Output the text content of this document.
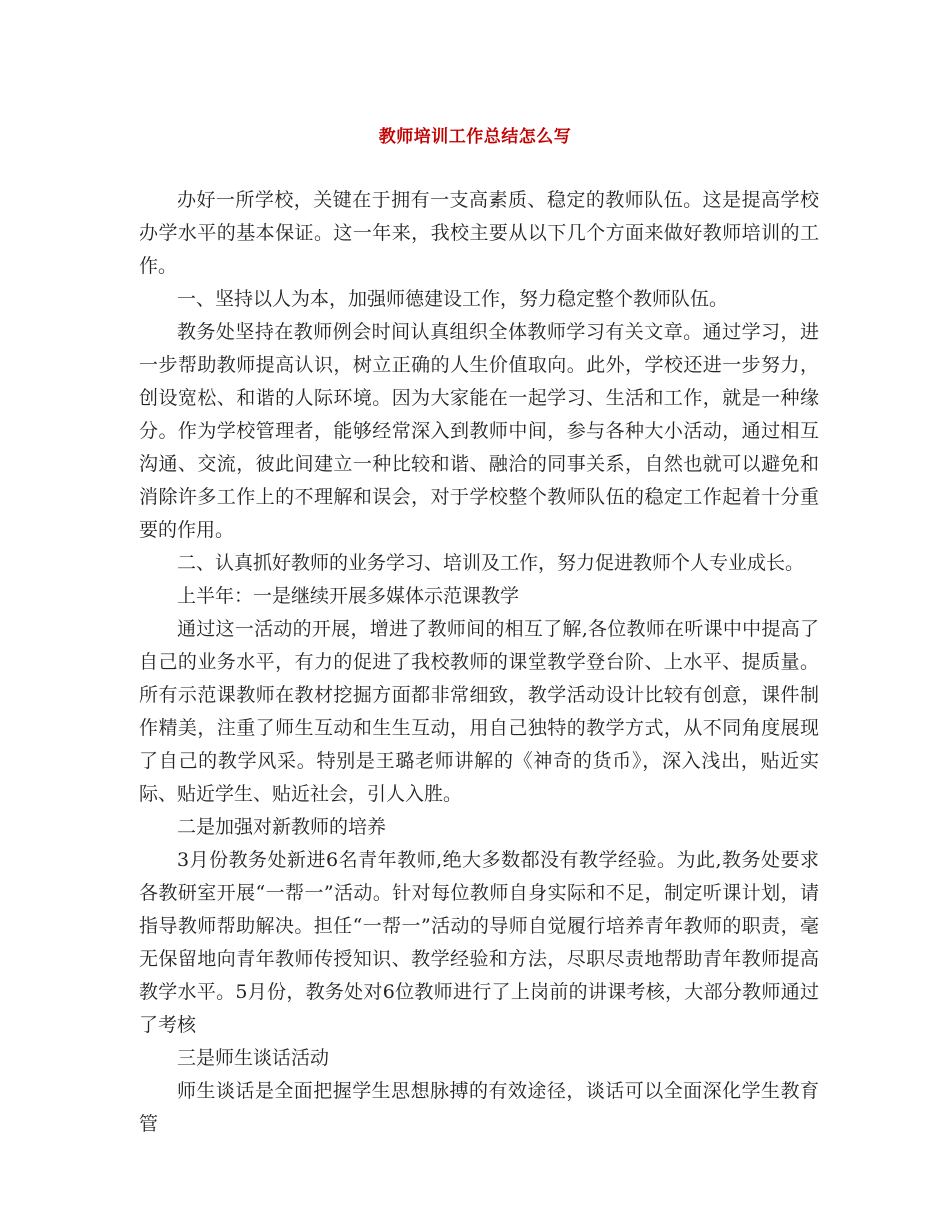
教师培训工作总结怎么写

办好一所学校，关键在于拥有一支高素质、稳定的教师队伍。这是提高学校办学水平的基本保证。这一年来，我校主要从以下几个方面来做好教师培训的工作。

一、坚持以人为本，加强师德建设工作，努力稳定整个教师队伍。

教务处坚持在教师例会时间认真组织全体教师学习有关文章。通过学习，进一步帮助教师提高认识，树立正确的人生价值取向。此外，学校还进一步努力，创设宽松、和谐的人际环境。因为大家能在一起学习、生活和工作，就是一种缘分。作为学校管理者，能够经常深入到教师中间，参与各种大小活动，通过相互沟通、交流，彼此间建立一种比较和谐、融洽的同事关系，自然也就可以避免和消除许多工作上的不理解和误会，对于学校整个教师队伍的稳定工作起着十分重要的作用。

二、认真抓好教师的业务学习、培训及工作，努力促进教师个人专业成长。

上半年：一是继续开展多媒体示范课教学

通过这一活动的开展，增进了教师间的相互了解,各位教师在听课中中提高了自己的业务水平，有力的促进了我校教师的课堂教学登台阶、上水平、提质量。所有示范课教师在教材挖掘方面都非常细致，教学活动设计比较有创意，课件制作精美，注重了师生互动和生生互动，用自己独特的教学方式，从不同角度展现了自己的教学风采。特别是王璐老师讲解的《神奇的货币》，深入浅出，贴近实际、贴近学生、贴近社会，引人入胜。

二是加强对新教师的培养

3月份教务处新进6名青年教师,绝大多数都没有教学经验。为此,教务处要求各教研室开展“一帮一”活动。针对每位教师自身实际和不足，制定听课计划，请指导教师帮助解决。担任“一帮一”活动的导师自觉履行培养青年教师的职责，毫无保留地向青年教师传授知识、教学经验和方法，尽职尽责地帮助青年教师提高教学水平。5月份，教务处对6位教师进行了上岗前的讲课考核，大部分教师通过了考核

三是师生谈话活动

师生谈话是全面把握学生思想脉搏的有效途径，谈话可以全面深化学生教育管
